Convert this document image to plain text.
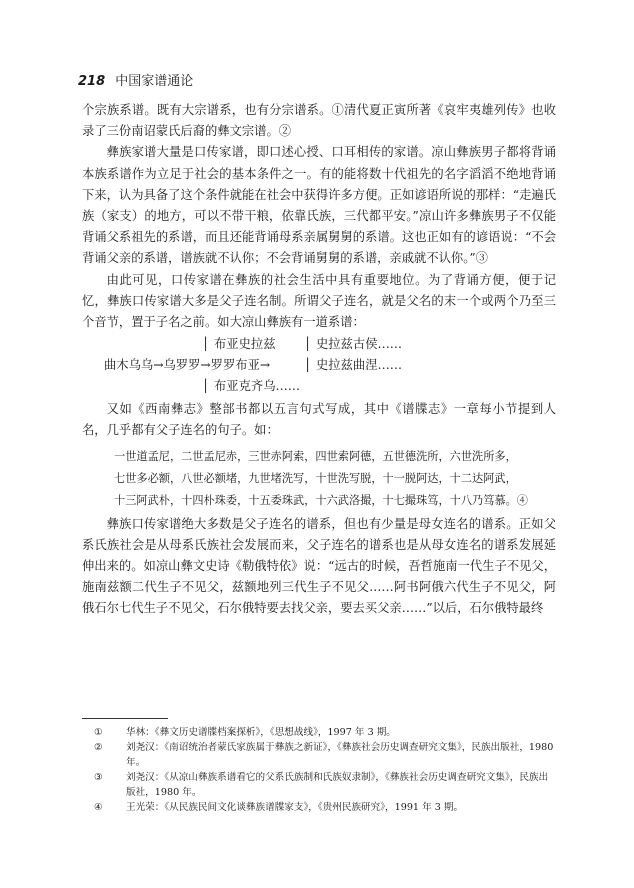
218 中国家谱通论

个宗族系谱。既有大宗谱系，也有分宗谱系。①清代夏正寅所著《哀牢夷雄列传》也收录了三份南诏蒙氏后裔的彝文宗谱。②

彝族家谱大量是口传家谱，即口述心授、口耳相传的家谱。凉山彝族男子都将背诵本族系谱作为立足于社会的基本条件之一。有的能将数十代祖先的名字滔滔不绝地背诵下来，认为具备了这个条件就能在社会中获得许多方便。正如谚语所说的那样：“走遍氏族（家支）的地方，可以不带干粮，依靠氏族，三代都平安。”凉山许多彝族男子不仅能背诵父系祖先的系谱，而且还能背诵母系亲属舅舅的系谱。这也正如有的谚语说：“不会背诵父亲的系谱，谱族就不认你；不会背诵舅舅的系谱，亲戚就不认你。”③

由此可见，口传家谱在彝族的社会生活中具有重要地位。为了背诵方便，便于记忆，彝族口传家谱大多是父子连名制。所谓父子连名，就是父名的末一个或两个乃至三个音节，置于子名之前。如大凉山彝族有一道系谱：

│ 布亚史拉兹 │ 史拉兹古侯……
曲木乌乌→乌罗罗→罗罗布亚→	│ 史拉兹曲涅……
│ 布亚克齐乌……

又如《西南彝志》整部书都以五言句式写成，其中《谱牒志》一章每小节提到人名，几乎都有父子连名的句子。如：

一世道孟尼，二世孟尼赤，三世赤阿索，四世索阿德，五世德洗所，六世洗所多，
七世多必额，八世必额堵，九世堵洗写，十世洗写脱，十一脱阿达，十二达阿武，
十三阿武朴，十四朴珠委，十五委珠武，十六武洛撮，十七撮珠笃，十八乃笃慕。④

彝族口传家谱绝大多数是父子连名的谱系，但也有少量是母女连名的谱系。正如父系氏族社会是从母系氏族社会发展而来，父子连名的谱系也是从母女连名的谱系发展延伸出来的。如凉山彝文史诗《勒俄特依》说：“远古的时候，吾哲施南一代生子不见父，施南兹额二代生子不见父，兹额地列三代生子不见父……阿书阿俄六代生子不见父，阿俄石尔七代生子不见父，石尔俄特要去找父亲，要去买父亲……”以后，石尔俄特最终

① 华林：《彝文历史谱牒档案探析》，《思想战线》，1997 年 3 期。

② 刘尧汉：《南诏统治者蒙氏家族属于彝族之新证》，《彝族社会历史调查研究文集》，民族出版社，1980 年。

③ 刘尧汉：《从凉山彝族系谱看它的父系氏族制和氏族奴隶制》，《彝族社会历史调查研究文集》，民族出版社，1980 年。

④ 王光荣：《从民族民间文化谈彝族谱牒家支》，《贵州民族研究》，1991 年 3 期。
